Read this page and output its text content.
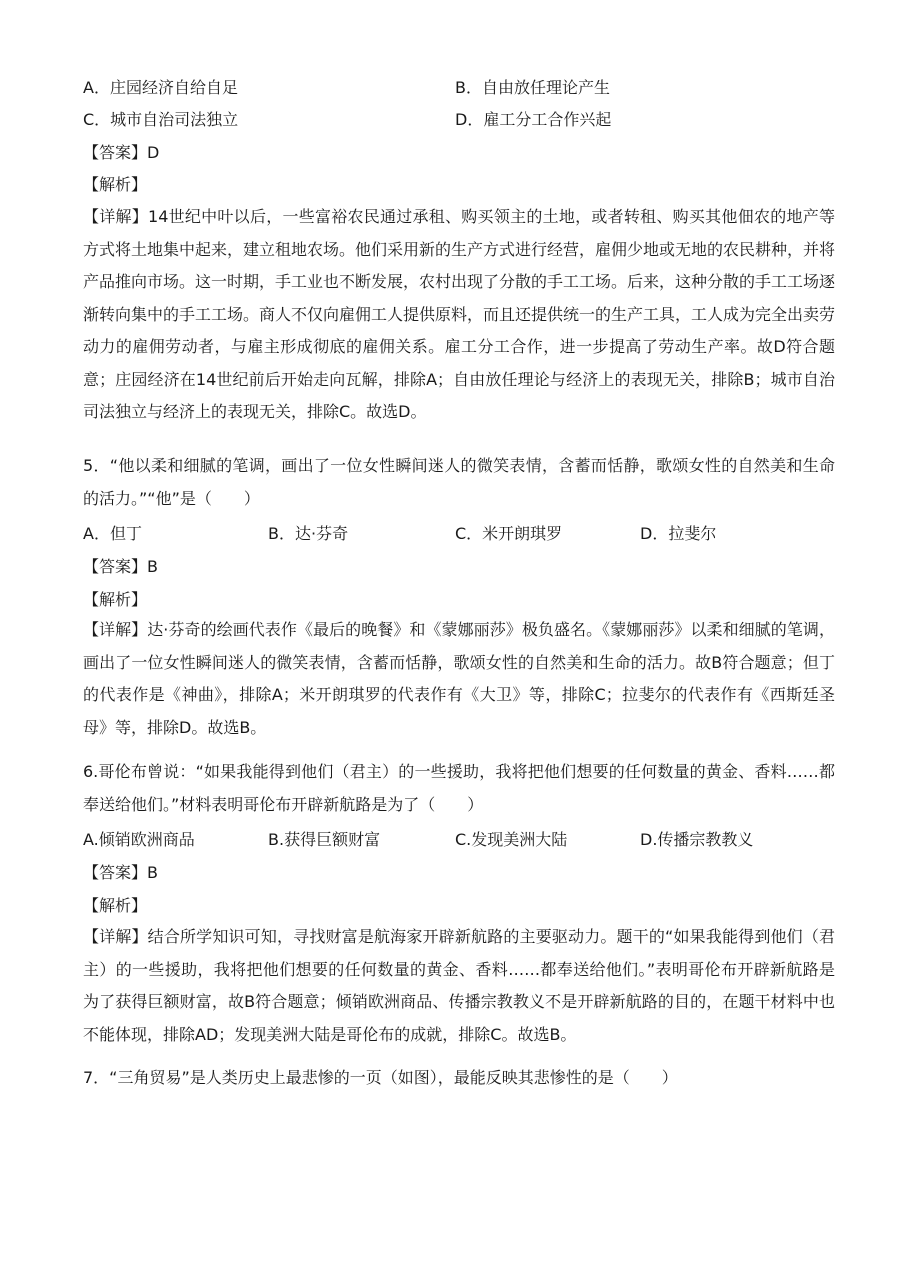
A．庄园经济自给自足	B．自由放任理论产生
C．城市自治司法独立	D．雇工分工合作兴起
【答案】D
【解析】
【详解】14世纪中叶以后，一些富裕农民通过承租、购买领主的土地，或者转租、购买其他佃农的地产等方式将土地集中起来，建立租地农场。他们采用新的生产方式进行经营，雇佣少地或无地的农民耕种，并将产品推向市场。这一时期，手工业也不断发展，农村出现了分散的手工工场。后来，这种分散的手工工场逐渐转向集中的手工工场。商人不仅向雇佣工人提供原料，而且还提供统一的生产工具，工人成为完全出卖劳动力的雇佣劳动者，与雇主形成彻底的雇佣关系。雇工分工合作，进一步提高了劳动生产率。故D符合题意；庄园经济在14世纪前后开始走向瓦解，排除A；自由放任理论与经济上的表现无关，排除B；城市自治司法独立与经济上的表现无关，排除C。故选D。
5．“他以柔和细腻的笔调，画出了一位女性瞬间迷人的微笑表情，含蓄而恬静，歌颂女性的自然美和生命的活力。”“他”是（　　）
A．但丁	B．达·芬奇	C．米开朗琪罗	D．拉斐尔
【答案】B
【解析】
【详解】达·芬奇的绘画代表作《最后的晚餐》和《蒙娜丽莎》极负盛名。《蒙娜丽莎》以柔和细腻的笔调，画出了一位女性瞬间迷人的微笑表情，含蓄而恬静，歌颂女性的自然美和生命的活力。故B符合题意；但丁的代表作是《神曲》，排除A；米开朗琪罗的代表作有《大卫》等，排除C；拉斐尔的代表作有《西斯廷圣母》等，排除D。故选B。
6.哥伦布曾说：“如果我能得到他们（君主）的一些援助，我将把他们想要的任何数量的黄金、香料……都奉送给他们。”材料表明哥伦布开辟新航路是为了（　　）
A.倾销欧洲商品	B.获得巨额财富	C.发现美洲大陆	D.传播宗教教义
【答案】B
【解析】
【详解】结合所学知识可知，寻找财富是航海家开辟新航路的主要驱动力。题干的“如果我能得到他们（君主）的一些援助，我将把他们想要的任何数量的黄金、香料……都奉送给他们。”表明哥伦布开辟新航路是为了获得巨额财富，故B符合题意；倾销欧洲商品、传播宗教教义不是开辟新航路的目的，在题干材料中也不能体现，排除AD；发现美洲大陆是哥伦布的成就，排除C。故选B。
7．“三角贸易”是人类历史上最悲惨的一页（如图），最能反映其悲惨性的是（　　）
